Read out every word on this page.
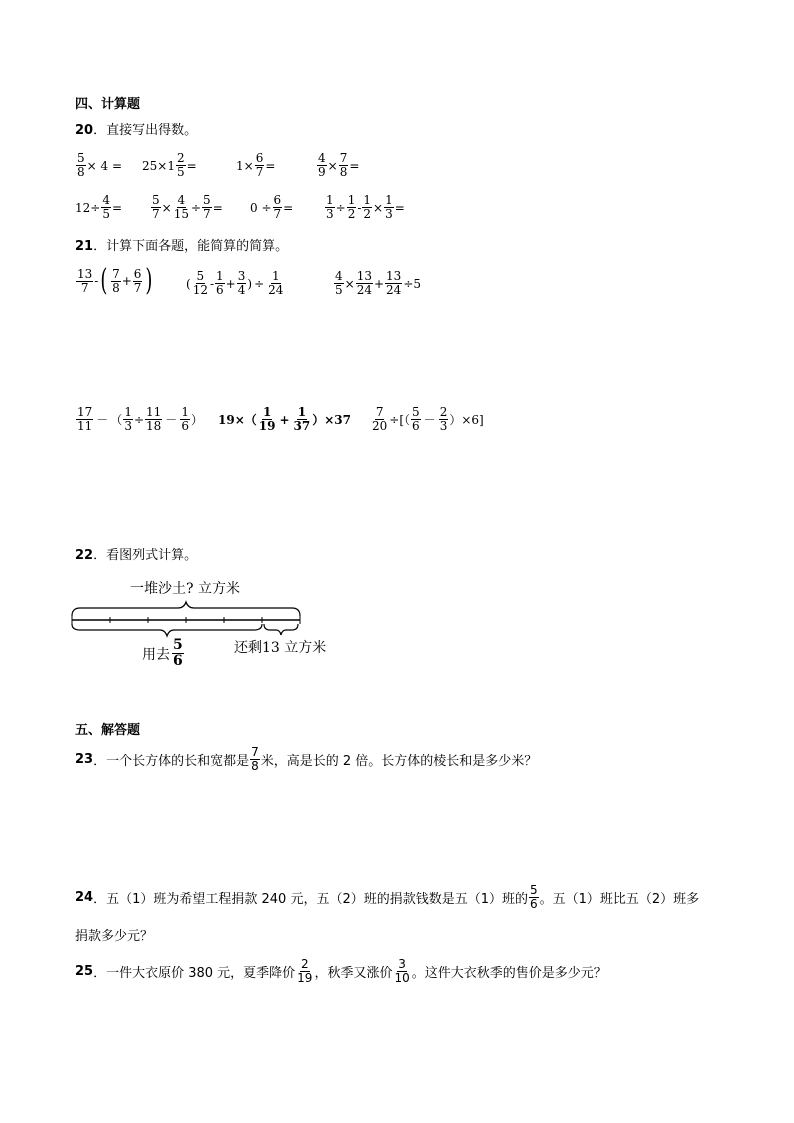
四、计算题
20．直接写出得数。
$\frac{5}{8} \times 4 = 25\times 1 \frac{2}{5}$ =	$1\times \frac{6}{7}$ =	$\frac{4}{9} \times \frac{7}{8}$ =
$12\div \frac{4}{5} = \frac{5}{7} \times \frac{4}{15} \div \frac{5}{7} = 0 \div \frac{6}{7}$ =	$\frac{1}{3} \div \frac{1}{2} - \frac{1}{2} \times \frac{1}{3}$ =
21．计算下面各题，能简算的简算。
$\frac{13}{7}$ - ( $\frac{7}{8} + \frac{6}{7}$ )	( $\frac{5}{12} - \frac{1}{6} + \frac{3}{4}$ ) ÷ $\frac{1}{24}$	$\frac{4}{5} \times \frac{13}{24} + \frac{13}{24} \div 5$
$\frac{17}{11}$ － （ $\frac{1}{3} \div \frac{11}{18} - \frac{1}{6}$ ） $19\times( \frac{1}{19} + \frac{1}{37} )\times 37 \frac{7}{20}$ ÷[（ $\frac{5}{6} - \frac{2}{3} )\times 6$]
22．看图列式计算。
一堆沙土? 立方米
用去 $\frac{5}{6}$	还剩13 立方米
五、解答题
23 ．一个长方体的长和宽都是 $\frac{7}{8}$ 米，高是长的 2 倍。长方体的棱长和是多少米？
24 ．五（1）班为希望工程捐款 240 元，五（2）班的捐款钱数是五（1）班的 $\frac{5}{6}$ 。五（1）班比五（2）班多
捐款多少元？
25 ．一件大衣原价 380 元，夏季降价 $\frac{2}{19}$ ，秋季又涨价 $\frac{3}{10}$ 。这件大衣秋季的售价是多少元？
